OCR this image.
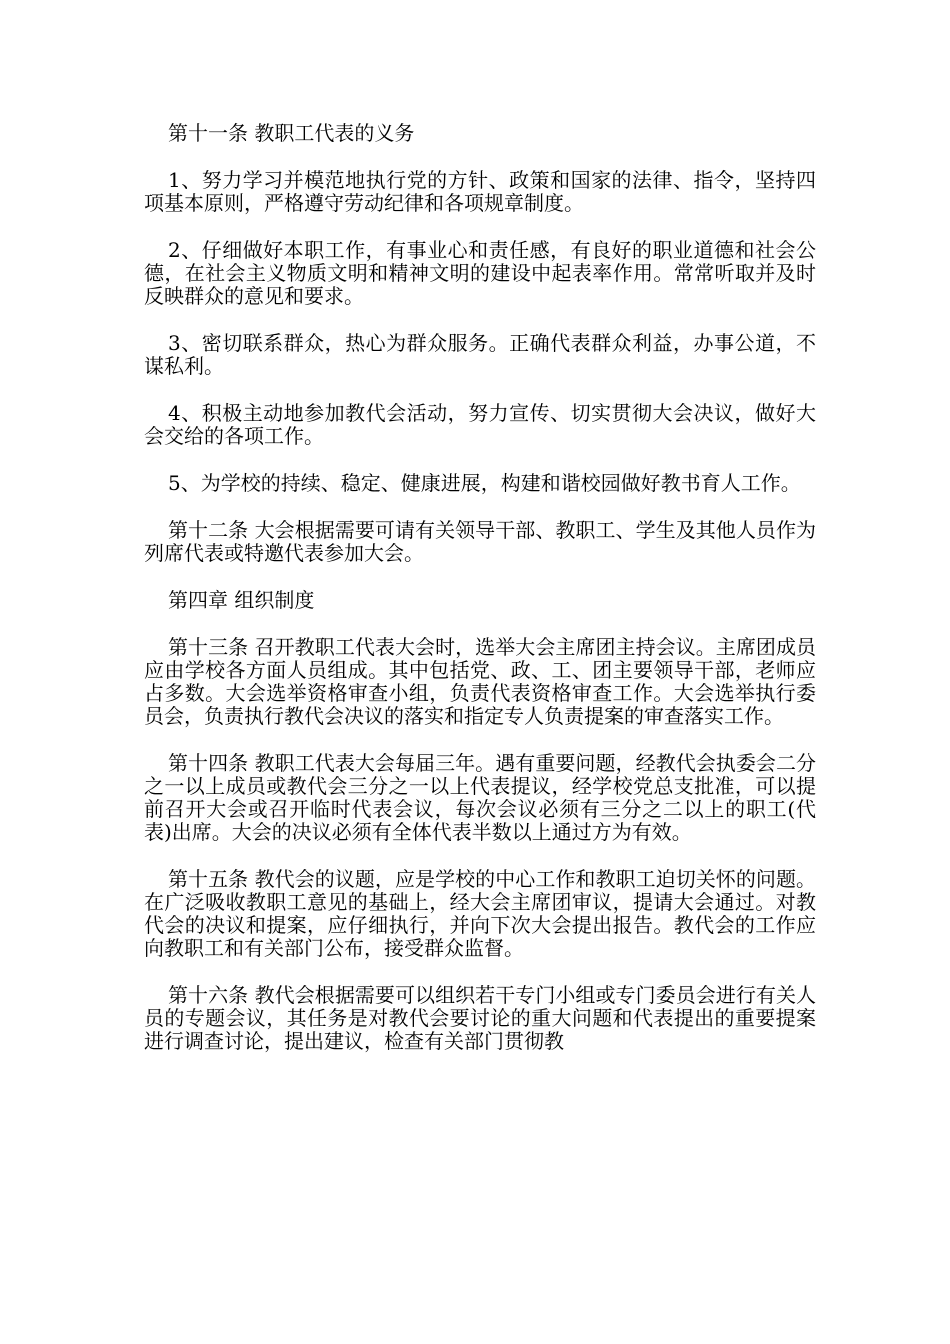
第十一条 教职工代表的义务

1、努力学习并模范地执行党的方针、政策和国家的法律、指令，坚持四项基本原则，严格遵守劳动纪律和各项规章制度。

2、仔细做好本职工作，有事业心和责任感，有良好的职业道德和社会公德，在社会主义物质文明和精神文明的建设中起表率作用。常常听取并及时反映群众的意见和要求。

3、密切联系群众，热心为群众服务。正确代表群众利益，办事公道，不谋私利。

4、积极主动地参加教代会活动，努力宣传、切实贯彻大会决议，做好大会交给的各项工作。

5、为学校的持续、稳定、健康进展，构建和谐校园做好教书育人工作。

第十二条 大会根据需要可请有关领导干部、教职工、学生及其他人员作为列席代表或特邀代表参加大会。

第四章 组织制度

第十三条 召开教职工代表大会时，选举大会主席团主持会议。主席团成员应由学校各方面人员组成。其中包括党、政、工、团主要领导干部，老师应占多数。大会选举资格审查小组，负责代表资格审查工作。大会选举执行委员会，负责执行教代会决议的落实和指定专人负责提案的审查落实工作。

第十四条 教职工代表大会每届三年。遇有重要问题，经教代会执委会二分之一以上成员或教代会三分之一以上代表提议，经学校党总支批准，可以提前召开大会或召开临时代表会议，每次会议必须有三分之二以上的职工(代表)出席。大会的决议必须有全体代表半数以上通过方为有效。

第十五条 教代会的议题，应是学校的中心工作和教职工迫切关怀的问题。在广泛吸收教职工意见的基础上，经大会主席团审议，提请大会通过。对教代会的决议和提案，应仔细执行，并向下次大会提出报告。教代会的工作应向教职工和有关部门公布，接受群众监督。

第十六条 教代会根据需要可以组织若干专门小组或专门委员会进行有关人员的专题会议，其任务是对教代会要讨论的重大问题和代表提出的重要提案进行调查讨论，提出建议，检查有关部门贯彻教
